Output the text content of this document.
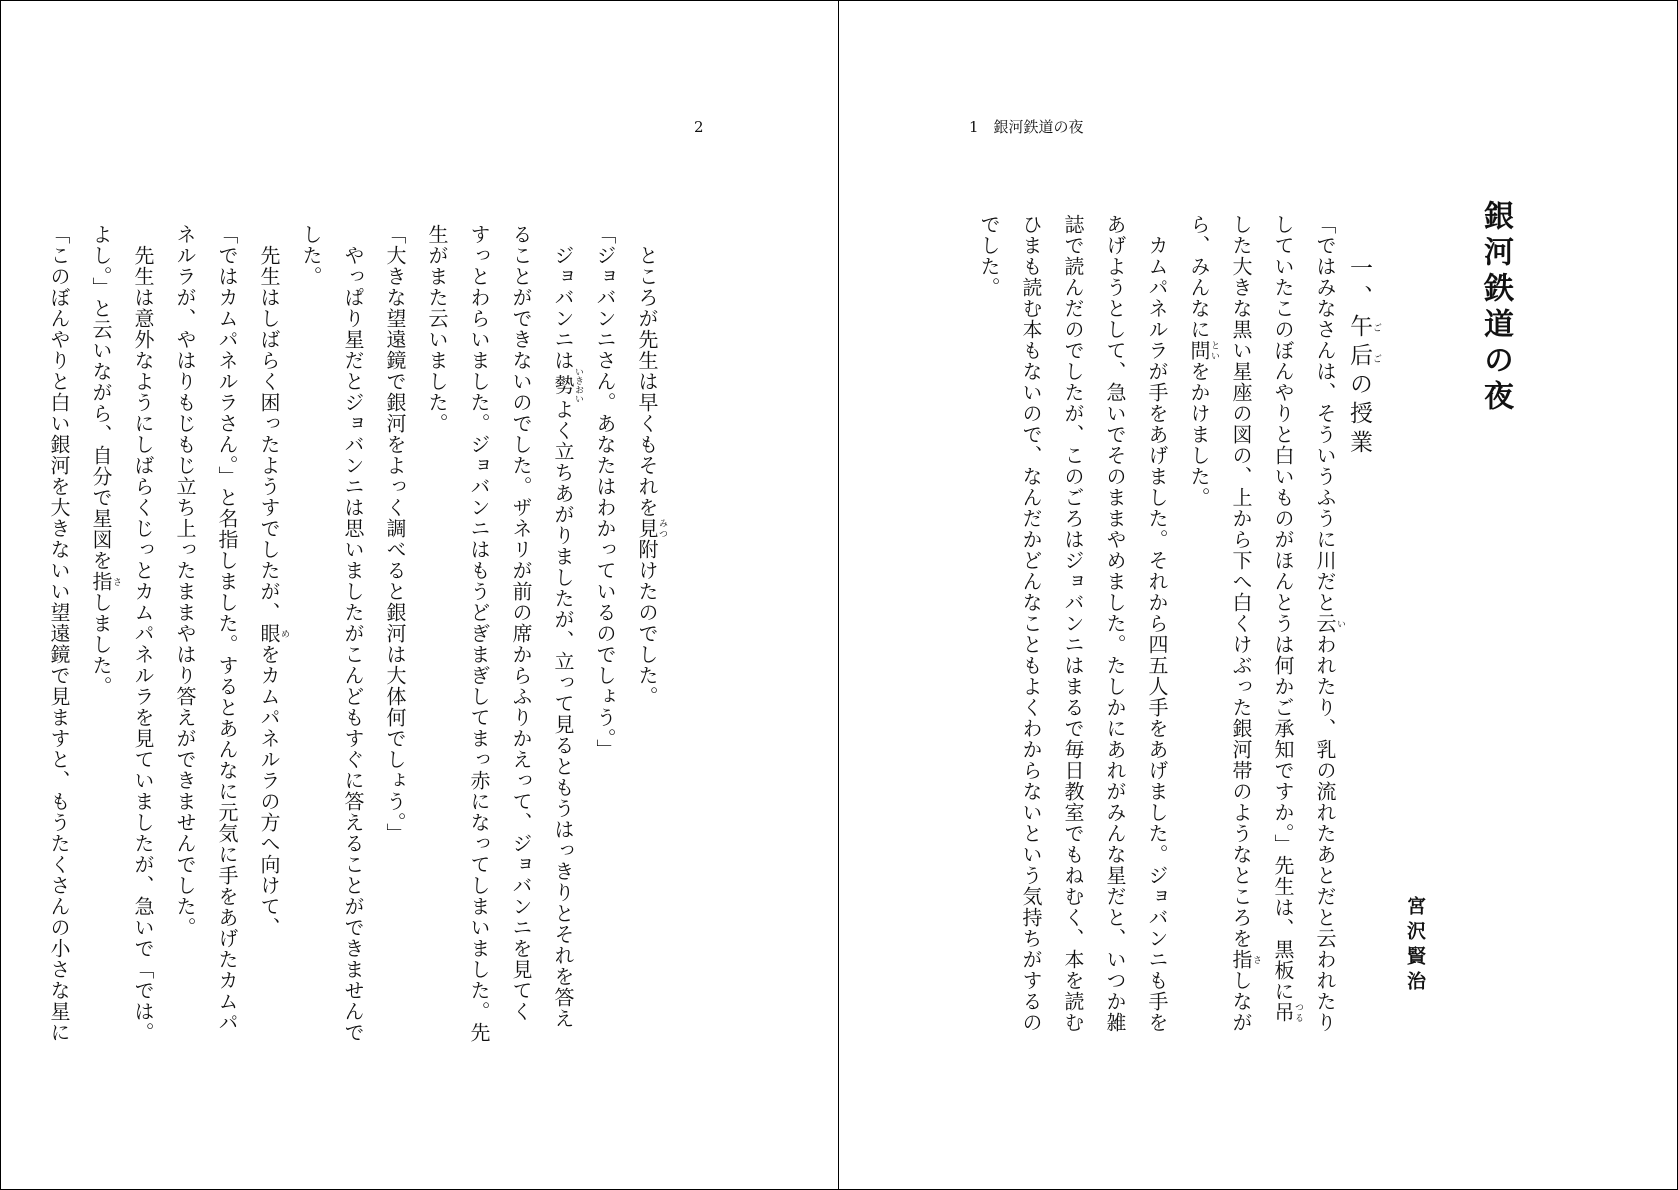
2
　ところが先生は早くもそれを見みつ附けたのでした。
「ジョバンニさん。あなたはわかっているのでしょう。」
　ジョバンニは勢いきおいよく立ちあがりましたが、立って見るともうはっきりとそれを答え
ることができないのでした。ザネリが前の席からふりかえって、ジョバンニを見てく
すっとわらいました。ジョバンニはもうどぎまぎしてまっ赤になってしまいました。先
生がまた云いました。
「大きな望遠鏡で銀河をよっく調べると銀河は大体何でしょう。」
　やっぱり星だとジョバンニは思いましたがこんどもすぐに答えることができませんで
した。
　先生はしばらく困ったようすでしたが、眼めをカムパネルラの方へ向けて、
「ではカムパネルラさん。」と名指しました。するとあんなに元気に手をあげたカムパ
ネルラが、やはりもじもじ立ち上ったままやはり答えができませんでした。
　先生は意外なようにしばらくじっとカムパネルラを見ていましたが、急いで「では。
よし。」と云いながら、自分で星図を指さしました。
「このぼんやりと白い銀河を大きないい望遠鏡で見ますと、もうたくさんの小さな星に
1　銀河鉄道の夜
銀河鉄道の夜
一、午后 ごごの授業
宮沢賢治
「ではみなさんは、そういうふうに川だと云いわれたり、乳の流れたあとだと云われたり
していたこのぼんやりと白いものがほんとうは何かご承知ですか。」先生は、黒板に吊つる
した大きな黒い星座の図の、上から下へ白くけぶった銀河帯のようなところを指さしなが
ら、みんなに問といをかけました。
　カムパネルラが手をあげました。それから四五人手をあげました。ジョバンニも手を
あげようとして、急いでそのままやめました。たしかにあれがみんな星だと、いつか雑
誌で読んだのでしたが、このごろはジョバンニはまるで毎日教室でもねむく、本を読む
ひまも読む本もないので、なんだかどんなこともよくわからないという気持ちがするの
でした。
